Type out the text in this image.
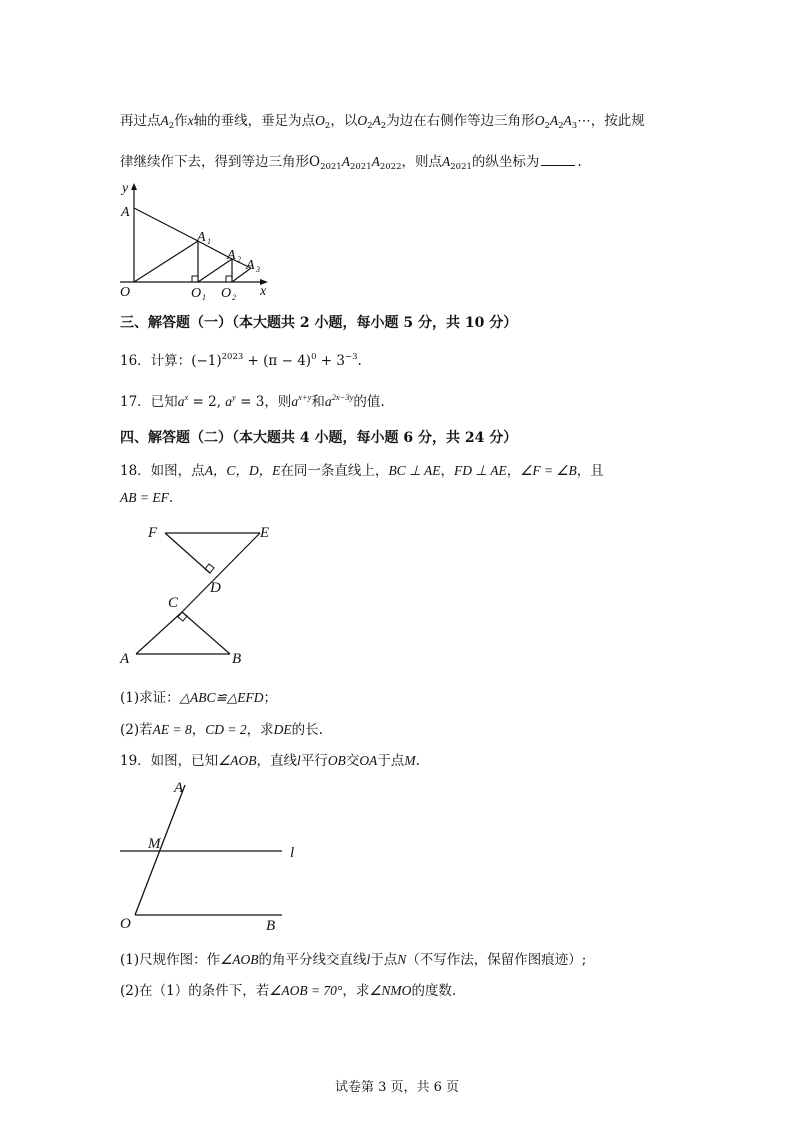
再过点$A_2$作x轴的垂线，垂足为点$O_2$，以$O_2A_2$为边在右侧作等边三角形$O_2A_2A_3\cdots$，按此规
律继续作下去，得到等边三角形$O_{2021}A_{2021}A_{2022}$，则点$A_{2021}$的纵坐标为	.
y
A
A 1
A 2 A 3
O	O 1 O 2 x
三、解答题（一）（本大题共 2 小题，每小题 5 分，共 10 分）
16．计算：$(-1)^{2023} + (\pi - 4)^0 + 3^{-3}$.
17．已知$a^x = 2$, $a^y = 3$，则$a^{x+y}$和$a^{2x-3y}$的值.
四、解答题（二）（本大题共 4 小题，每小题 6 分，共 24 分）
18．如图，点A，C，D，E在同一条直线上，BC ⊥ AE，FD ⊥ AE，∠F = ∠B，且
AB = EF.
F	E
D
C
A	B
(1)求证：△ABC≌△EFD；
(2)若AE = 8，CD = 2，求DE的长.
19．如图，已知∠AOB，直线l平行OB交OA于点M.
A
M
l
O	B
(1)尺规作图：作∠AOB的角平分线交直线l于点N（不写作法，保留作图痕迹）;
(2)在（1）的条件下，若∠AOB = 70°，求∠NMO的度数.
试卷第 3 页，共 6 页
